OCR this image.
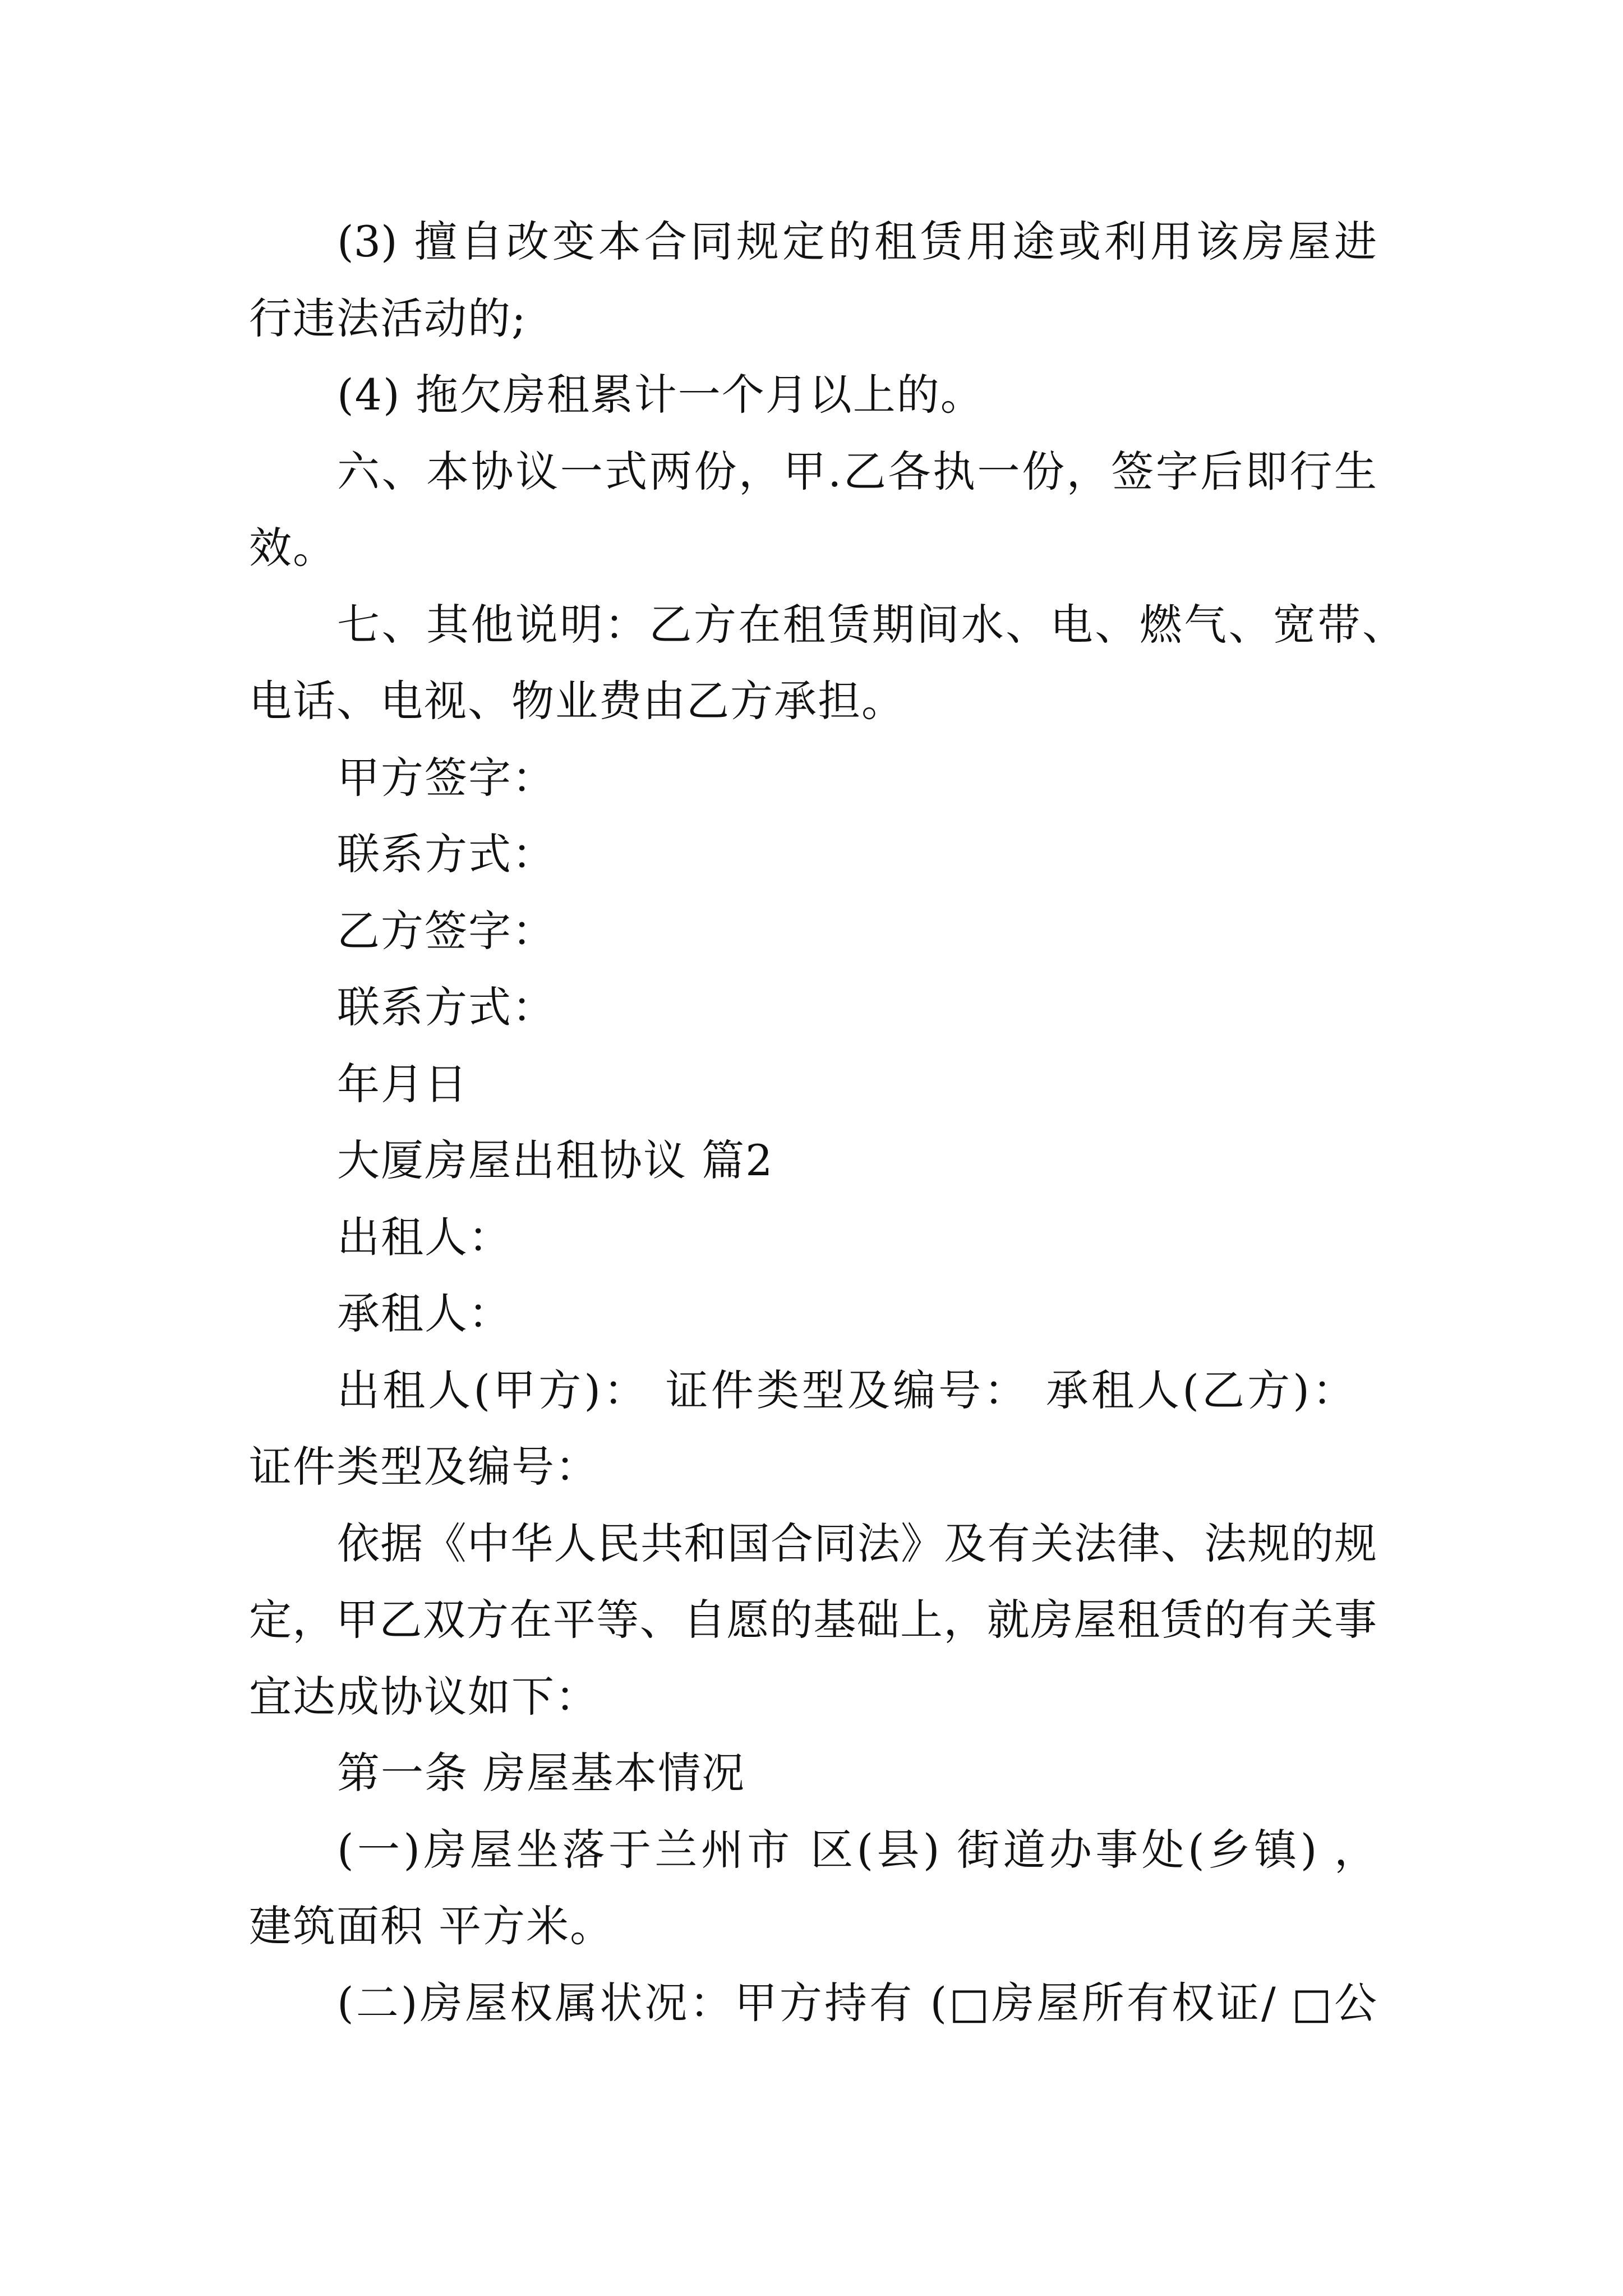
(3) 擅自改变本合同规定的租赁用途或利用该房屋进
行违法活动的;
(4) 拖欠房租累计一个月以上的。
六、本协议一式两份，甲.乙各执一份，签字后即行生
效。
七、其他说明：乙方在租赁期间水、电、燃气、宽带、
电话、电视、物业费由乙方承担。
甲方签字：
联系方式：
乙方签字：
联系方式：
年月日
大厦房屋出租协议 篇2
出租人：
承租人：
出租人(甲方)： 证件类型及编号： 承租人(乙方)：
证件类型及编号：
依据《中华人民共和国合同法》及有关法律、法规的规
定，甲乙双方在平等、自愿的基础上，就房屋租赁的有关事
宜达成协议如下：
第一条 房屋基本情况
(一)房屋坐落于兰州市 区(县) 街道办事处(乡镇) ，
建筑面积 平方米。
(二)房屋权属状况：甲方持有 (□房屋所有权证/ □公
